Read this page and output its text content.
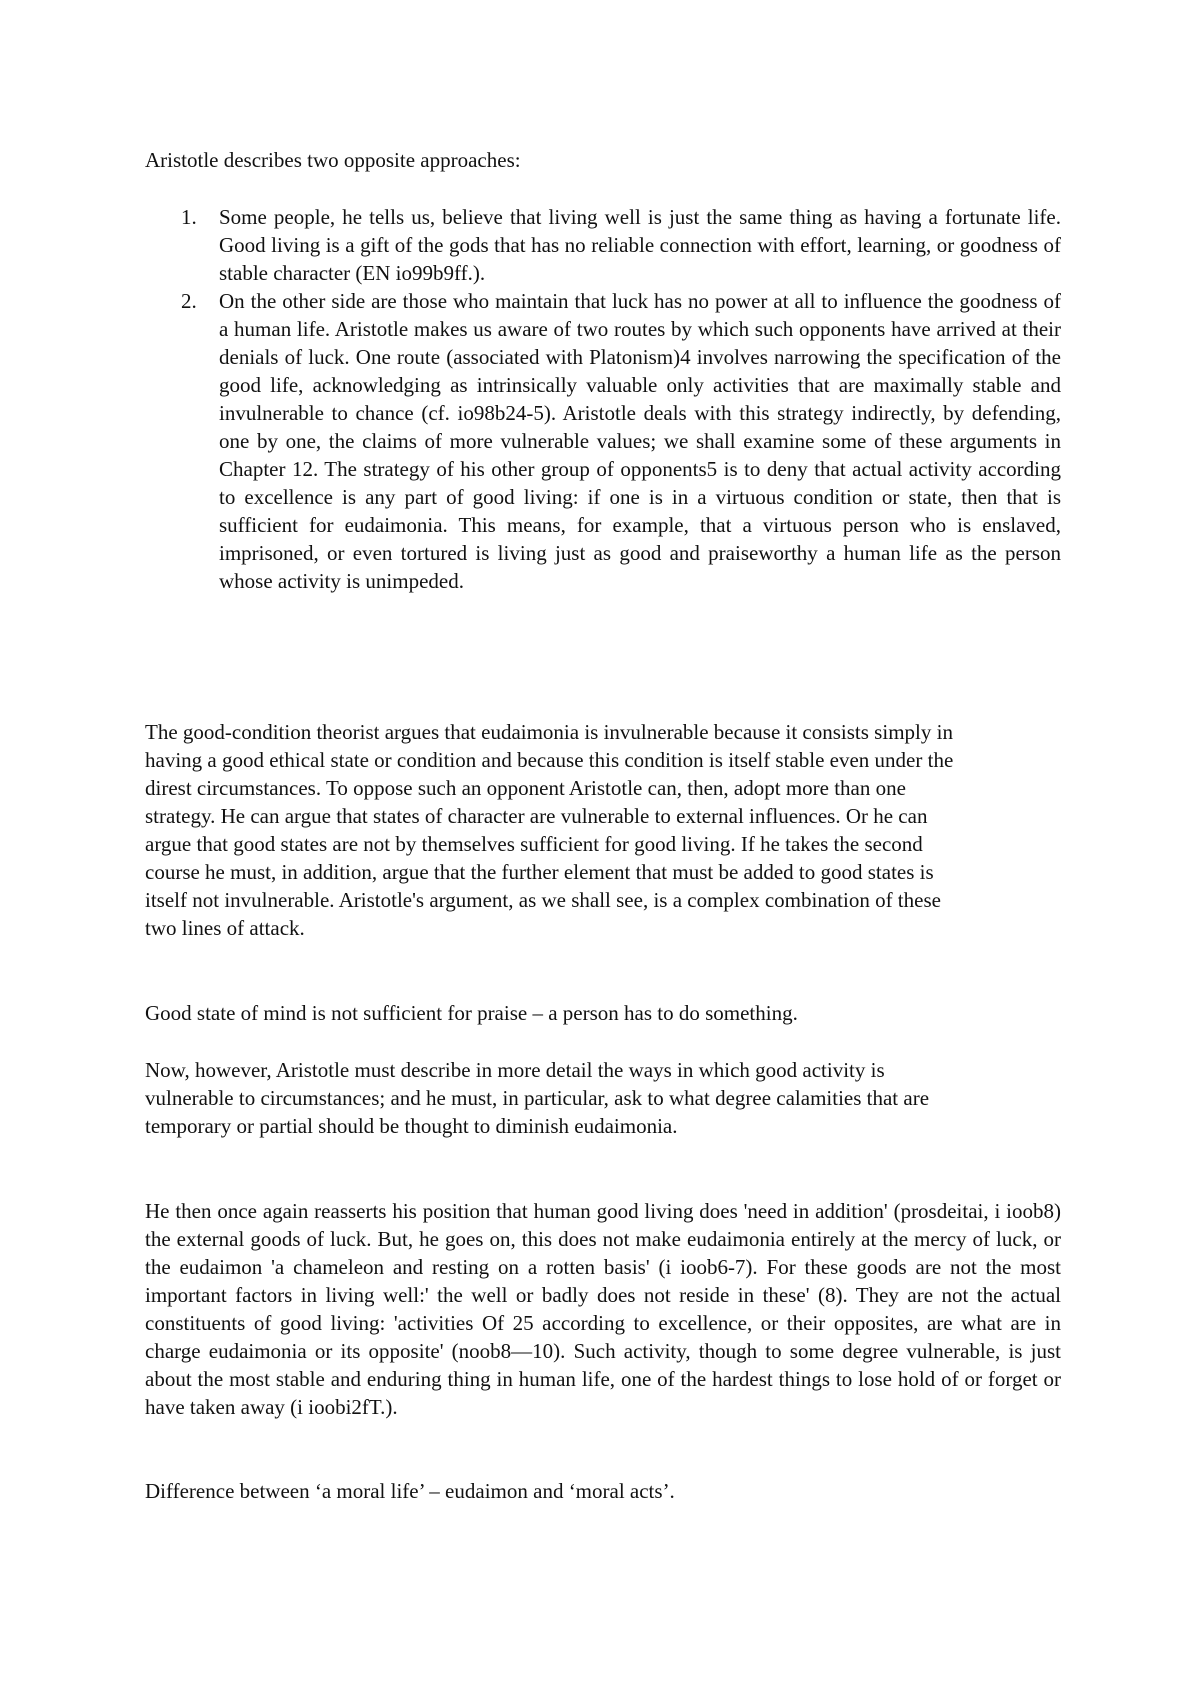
Aristotle describes two opposite approaches:

1. Some people, he tells us, believe that living well is just the same thing as having a fortunate life. Good living is a gift of the gods that has no reliable connection with effort, learning, or goodness of stable character (EN io99b9ff.).
2. On the other side are those who maintain that luck has no power at all to influence the goodness of a human life. Aristotle makes us aware of two routes by which such opponents have arrived at their denials of luck. One route (associated with Platonism)4 involves narrowing the specification of the good life, acknowledging as intrinsically valuable only activities that are maximally stable and invulnerable to chance (cf. io98b24-5). Aristotle deals with this strategy indirectly, by defending, one by one, the claims of more vulnerable values; we shall examine some of these arguments in Chapter 12. The strategy of his other group of opponents5 is to deny that actual activity according to excellence is any part of good living: if one is in a virtuous condition or state, then that is sufficient for eudaimonia. This means, for example, that a virtuous person who is enslaved, imprisoned, or even tortured is living just as good and praiseworthy a human life as the person whose activity is unimpeded.

The good-condition theorist argues that eudaimonia is invulnerable because it consists simply in having a good ethical state or condition and because this condition is itself stable even under the direst circumstances. To oppose such an opponent Aristotle can, then, adopt more than one strategy. He can argue that states of character are vulnerable to external influences. Or he can argue that good states are not by themselves sufficient for good living. If he takes the second course he must, in addition, argue that the further element that must be added to good states is itself not invulnerable. Aristotle's argument, as we shall see, is a complex combination of these two lines of attack.

Good state of mind is not sufficient for praise – a person has to do something.

Now, however, Aristotle must describe in more detail the ways in which good activity is vulnerable to circumstances; and he must, in particular, ask to what degree calamities that are temporary or partial should be thought to diminish eudaimonia.

He then once again reasserts his position that human good living does 'need in addition' (prosdeitai, i ioob8) the external goods of luck. But, he goes on, this does not make eudaimonia entirely at the mercy of luck, or the eudaimon 'a chameleon and resting on a rotten basis' (i ioob6-7). For these goods are not the most important factors in living well:' the well or badly does not reside in these' (8). They are not the actual constituents of good living: 'activities Of 25 according to excellence, or their opposites, are what are in charge eudaimonia or its opposite' (noob8—10). Such activity, though to some degree vulnerable, is just about the most stable and enduring thing in human life, one of the hardest things to lose hold of or forget or have taken away (i ioobi2fT.).

Difference between ‘a moral life’ – eudaimon and ‘moral acts’.
